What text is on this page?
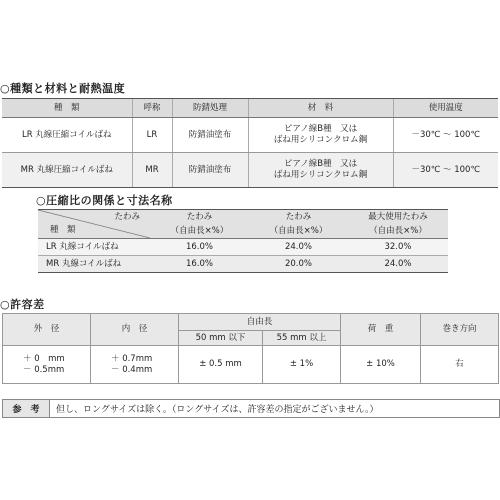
○種類と材料と耐熱温度
種　類	呼称	防錆処理	材　料	使用温度
LR 丸線圧縮コイルばね	LR	防錆油塗布	ピアノ線B種　又は
ばね用シリコンクロム鋼	－30℃ ～ 100℃
MR 丸線圧縮コイルばね	MR	防錆油塗布	ピアノ線B種　又は
ばね用シリコンクロム鋼	－30℃ ～ 100℃
○圧縮比の関係と寸法名称
たわみ
種　類	たわみ	たわみ	最大使用たわみ
	（自由長×%）	（自由長×%）	（自由長×%）
LR 丸線コイルばね	16.0%	24.0%	32.0%
MR 丸線コイルばね	16.0%	20.0%	24.0%
○許容差
外　径	内　径	自由長		荷　重	巻き方向
		50 mm 以下	55 mm 以上		
＋ 0　mm
－ 0.5mm	＋ 0.7mm
－ 0.4mm	± 0.5 mm	± 1%	± 10%	右
参　考	但し、ロングサイズは除く。（ロングサイズは、許容差の指定がございません。）
